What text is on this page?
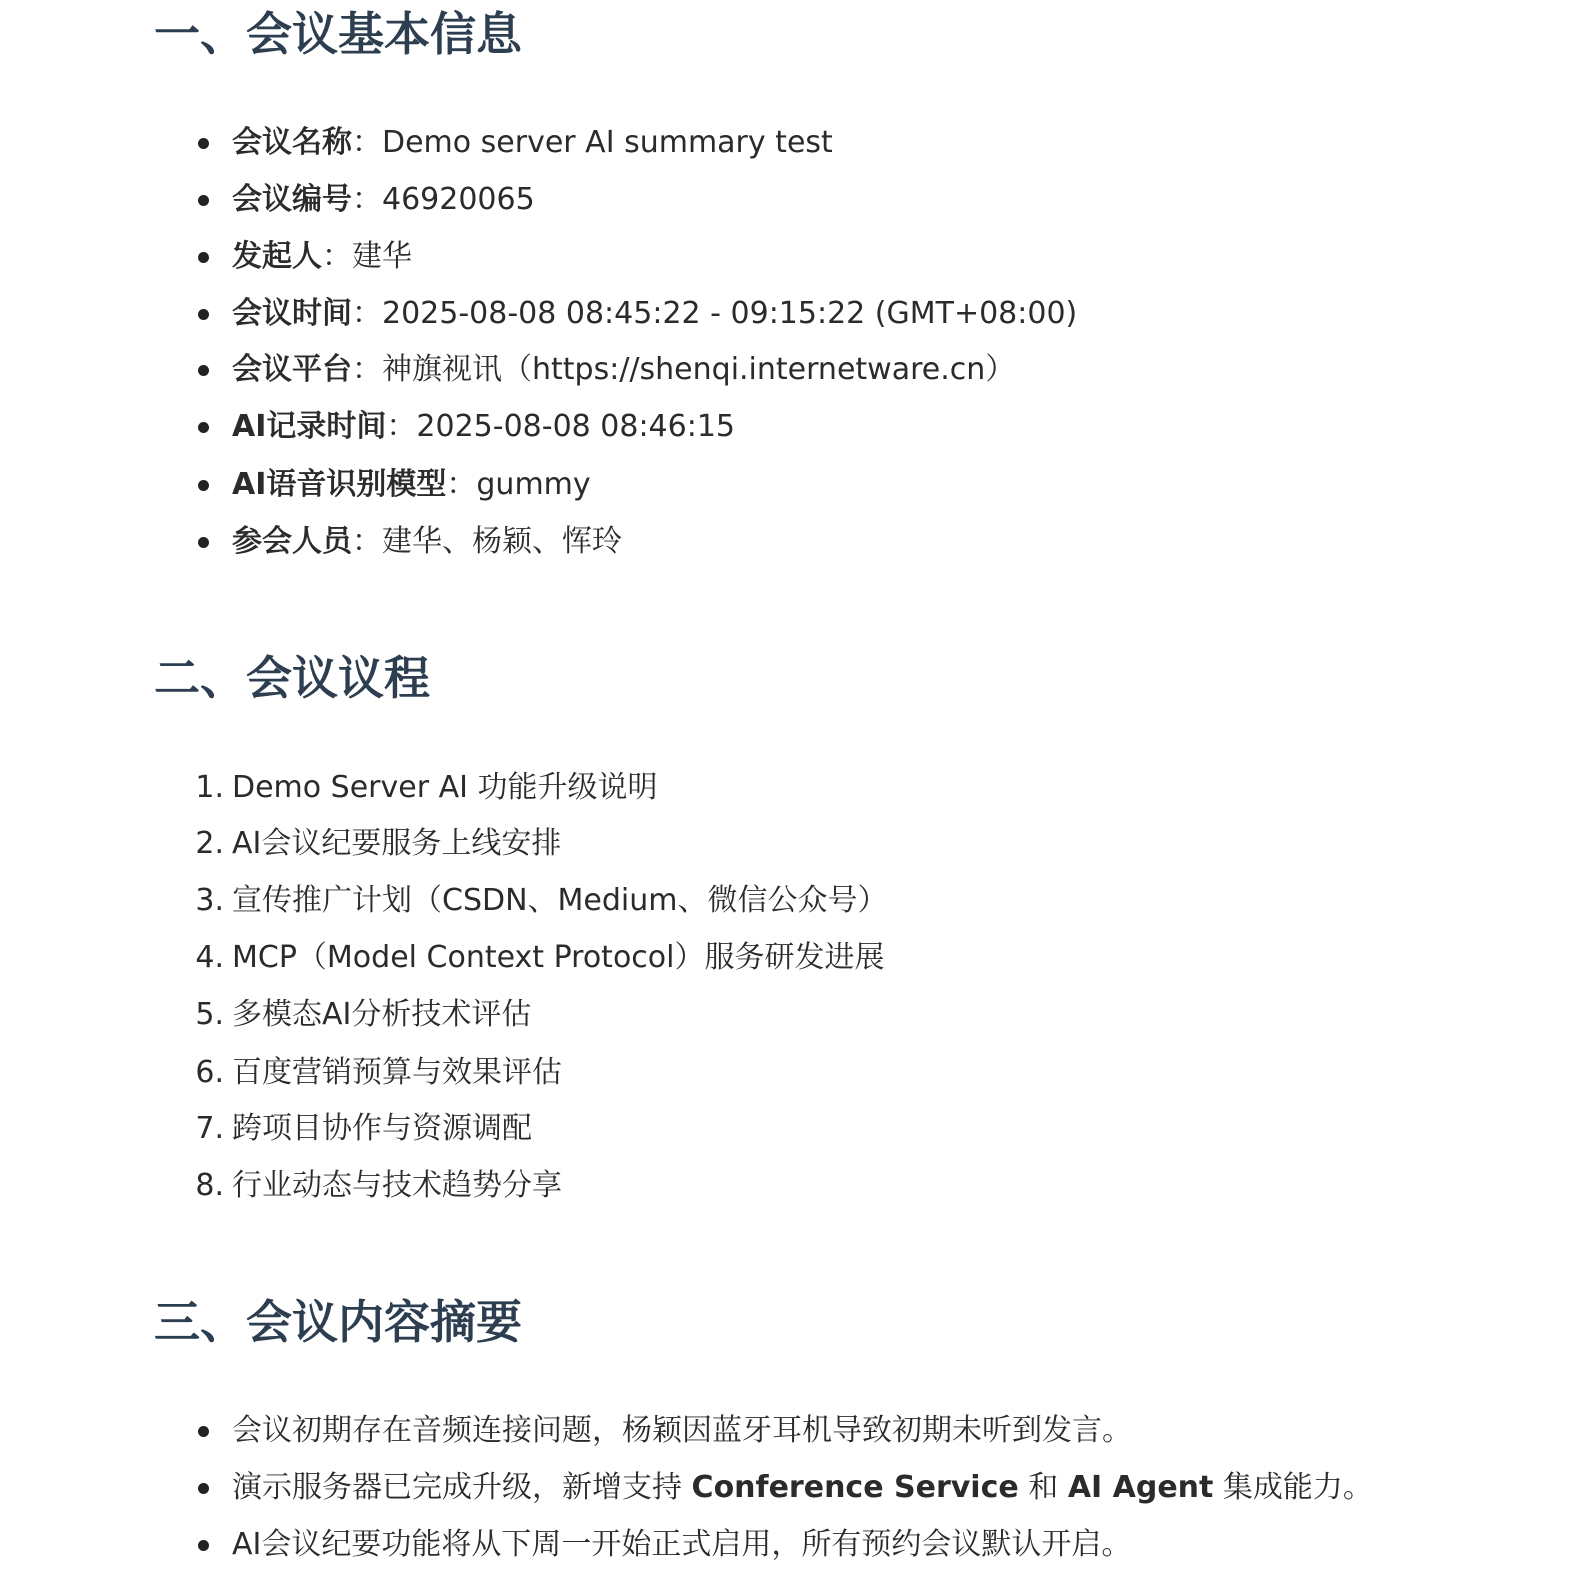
一、会议基本信息
会议名称：Demo server AI summary test
会议编号：46920065
发起人：建华
会议时间：2025-08-08 08:45:22 - 09:15:22 (GMT+08:00)
会议平台：神旗视讯（https://shenqi.internetware.cn）
AI记录时间：2025-08-08 08:46:15
AI语音识别模型：gummy
参会人员：建华、杨颖、恽玲
二、会议议程
1. Demo Server AI 功能升级说明
2. AI会议纪要服务上线安排
3. 宣传推广计划（CSDN、Medium、微信公众号）
4. MCP（Model Context Protocol）服务研发进展
5. 多模态AI分析技术评估
6. 百度营销预算与效果评估
7. 跨项目协作与资源调配
8. 行业动态与技术趋势分享
三、会议内容摘要
会议初期存在音频连接问题，杨颖因蓝牙耳机导致初期未听到发言。
演示服务器已完成升级，新增支持 Conference Service 和 AI Agent 集成能力。
AI会议纪要功能将从下周一开始正式启用，所有预约会议默认开启。
